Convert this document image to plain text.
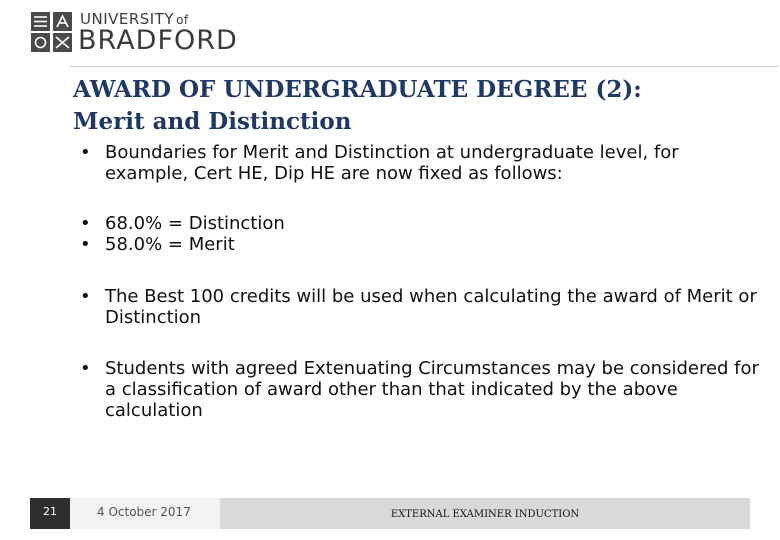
UNIVERSITY of
BRADFORD
AWARD OF UNDERGRADUATE DEGREE (2):
Merit and Distinction
• Boundaries for Merit and Distinction at undergraduate level, for example, Cert HE, Dip HE are now fixed as follows:
• 68.0% = Distinction
• 58.0% = Merit
• The Best 100 credits will be used when calculating the award of Merit or Distinction
• Students with agreed Extenuating Circumstances may be considered for a classification of award other than that indicated by the above calculation
21	4 October 2017	EXTERNAL EXAMINER INDUCTION
